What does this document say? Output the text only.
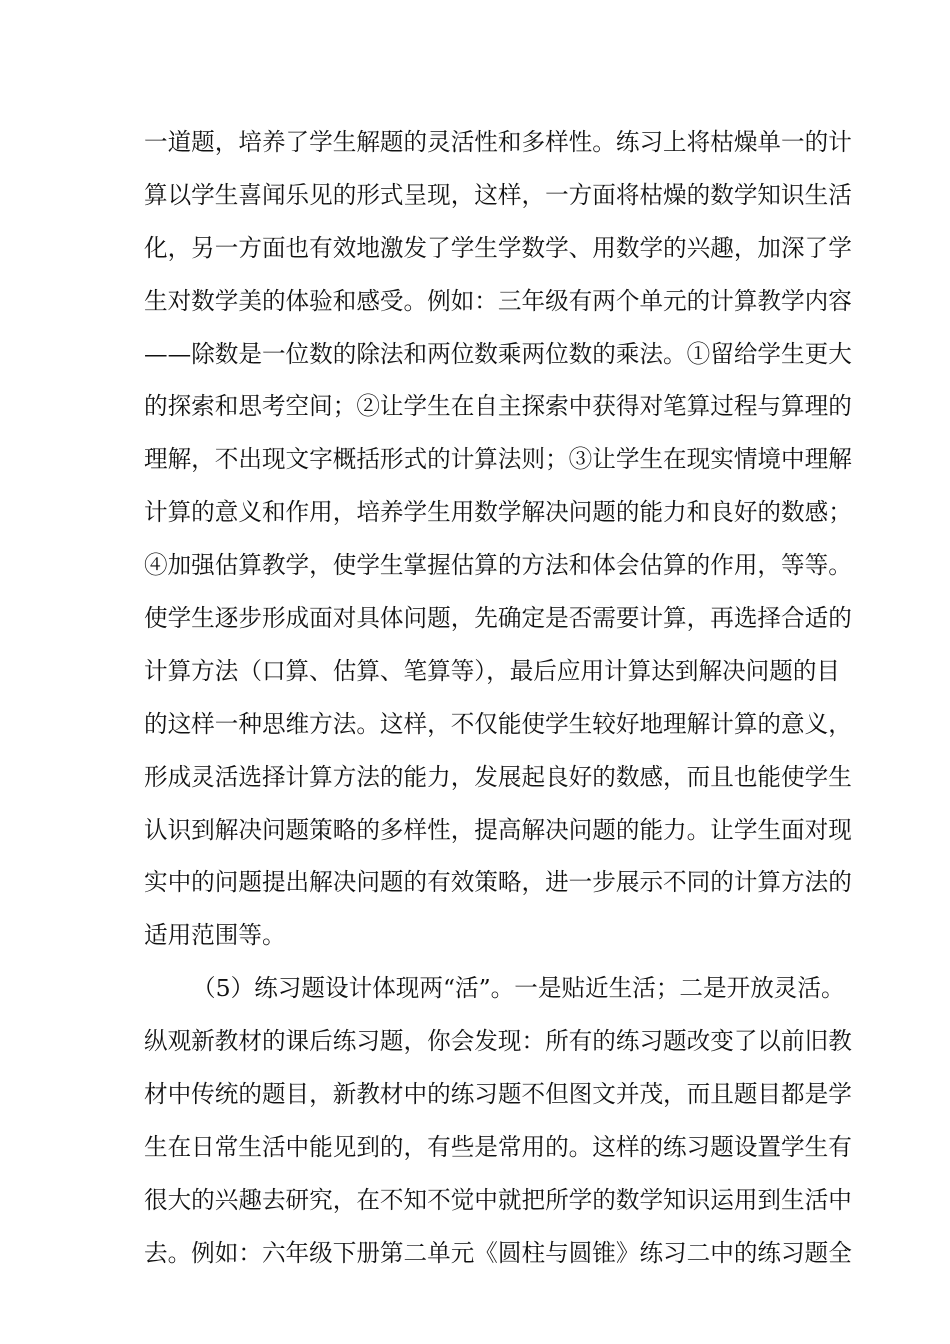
一道题，培养了学生解题的灵活性和多样性。练习上将枯燥单一的计
算以学生喜闻乐见的形式呈现，这样，一方面将枯燥的数学知识生活
化，另一方面也有效地激发了学生学数学、用数学的兴趣，加深了学
生对数学美的体验和感受。例如：三年级有两个单元的计算教学内容
——除数是一位数的除法和两位数乘两位数的乘法。①留给学生更大
的探索和思考空间；②让学生在自主探索中获得对笔算过程与算理的
理解，不出现文字概括形式的计算法则；③让学生在现实情境中理解
计算的意义和作用，培养学生用数学解决问题的能力和良好的数感；
④加强估算教学，使学生掌握估算的方法和体会估算的作用，等等。
使学生逐步形成面对具体问题，先确定是否需要计算，再选择合适的
计算方法（口算、估算、笔算等），最后应用计算达到解决问题的目
的这样一种思维方法。这样，不仅能使学生较好地理解计算的意义，
形成灵活选择计算方法的能力，发展起良好的数感，而且也能使学生
认识到解决问题策略的多样性，提高解决问题的能力。让学生面对现
实中的问题提出解决问题的有效策略，进一步展示不同的计算方法的
适用范围等。
（5）练习题设计体现两“活”。一是贴近生活；二是开放灵活。
纵观新教材的课后练习题，你会发现：所有的练习题改变了以前旧教
材中传统的题目，新教材中的练习题不但图文并茂，而且题目都是学
生在日常生活中能见到的，有些是常用的。这样的练习题设置学生有
很大的兴趣去研究，在不知不觉中就把所学的数学知识运用到生活中
去。例如：六年级下册第二单元《圆柱与圆锥》练习二中的练习题全
